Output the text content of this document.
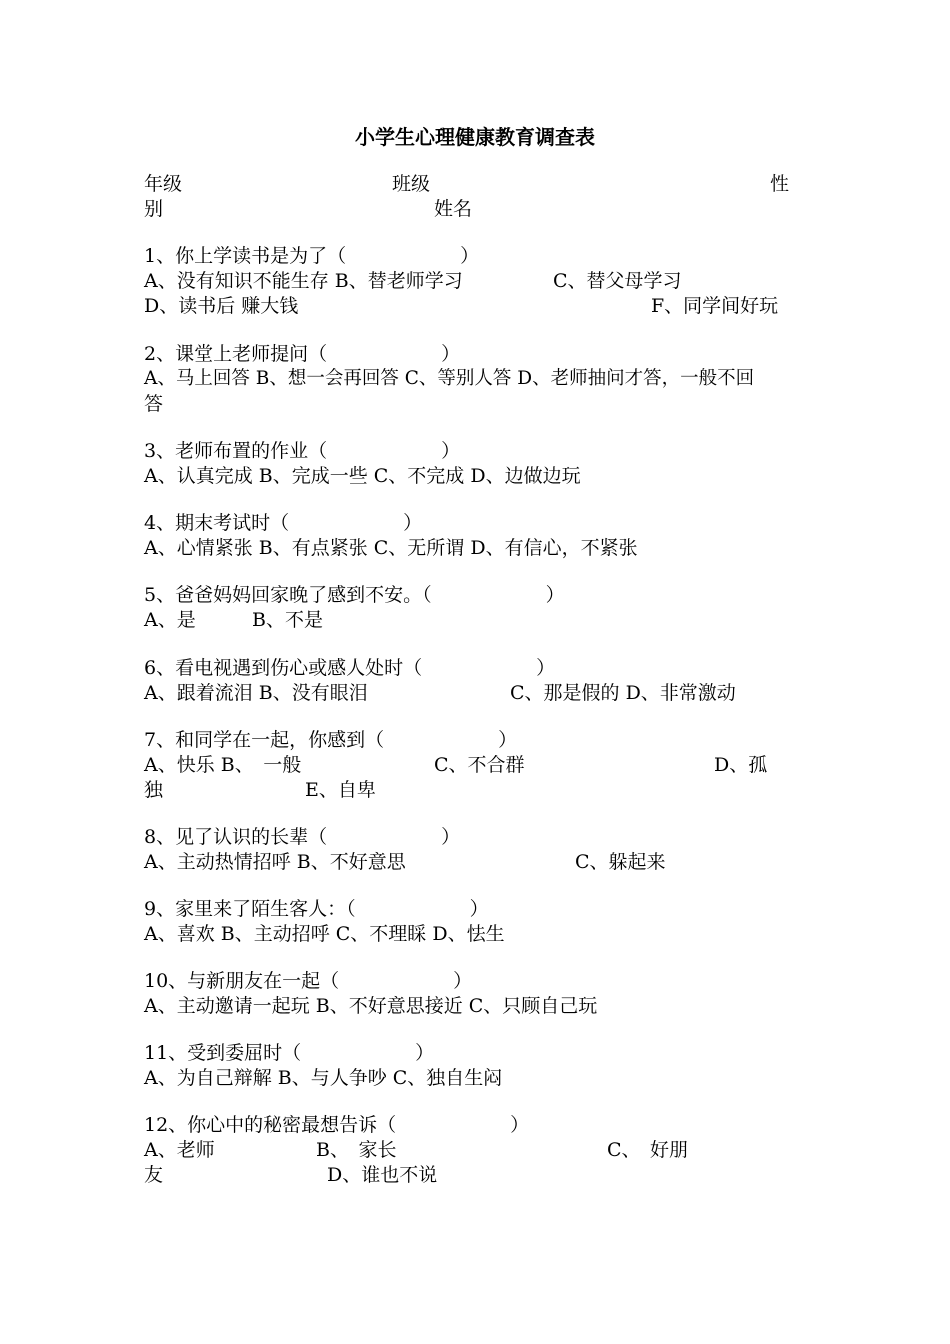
小学生心理健康教育调查表
年级	班级	性
别	姓名
1、你上学读书是为了（　　　　　　）
A、没有知识不能生存 B、替老师学习	C、替父母学习
D、读书后 赚大钱	F、同学间好玩
2、课堂上老师提问（　　　　　　）
A、马上回答 B、想一会再回答 C、等别人答 D、老师抽问才答，一般不回
答
3、老师布置的作业（　　　　　　）
A、认真完成 B、完成一些 C、不完成 D、边做边玩
4、期末考试时（　　　　　　）
A、心情紧张 B、有点紧张 C、无所谓 D、有信心，不紧张
5、爸爸妈妈回家晚了感到不安。（　　　　　　）
A、是	B、不是
6、看电视遇到伤心或感人处时（　　　　　　）
A、跟着流泪 B、没有眼泪	C、那是假的 D、非常激动
7、和同学在一起，你感到（　　　　　　）
A、快乐 B、　一般	C、不合群	D、孤
独	E、自卑
8、见了认识的长辈（　　　　　　）
A、主动热情招呼 B、不好意思	C、躲起来
9、家里来了陌生客人：（　　　　　　）
A、喜欢 B、主动招呼 C、不理睬 D、怯生
10、与新朋友在一起（　　　　　　）
A、主动邀请一起玩 B、不好意思接近 C、只顾自己玩
11、受到委屈时（　　　　　　）
A、为自己辩解 B、与人争吵 C、独自生闷
12、你心中的秘密最想告诉（　　　　　　）
A、老师	B、　家长	C、　好朋
友	D、谁也不说
